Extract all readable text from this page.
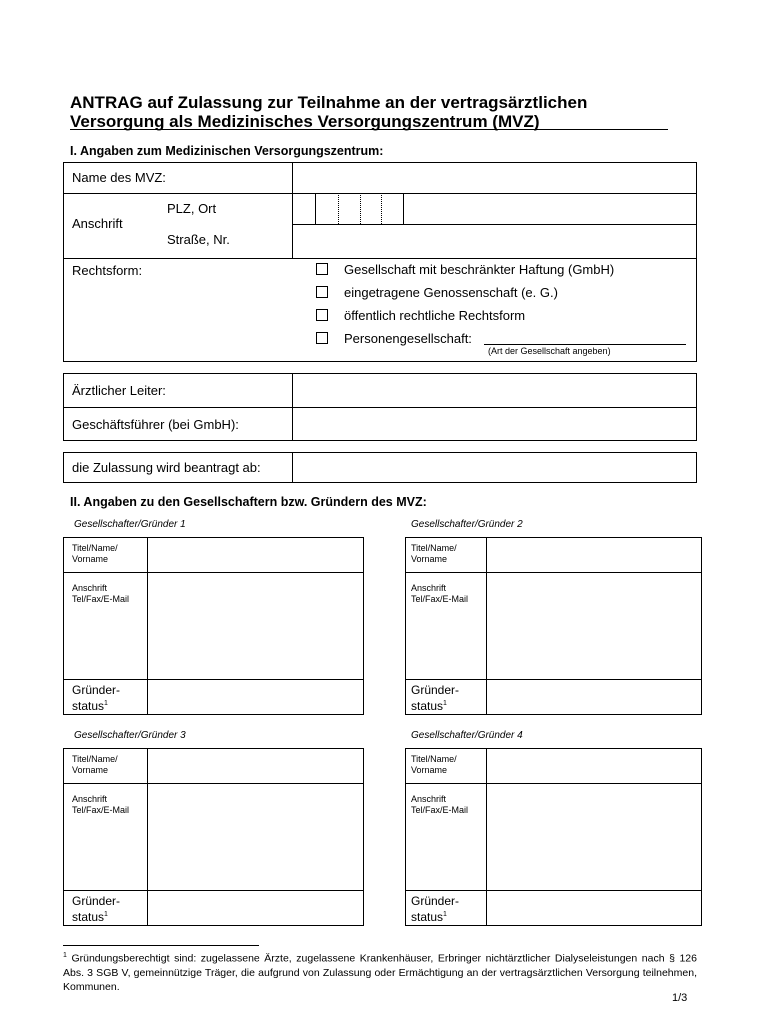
ANTRAG auf Zulassung zur Teilnahme an der vertragsärztlichen
Versorgung als Medizinisches Versorgungszentrum (MVZ)
I. Angaben zum Medizinischen Versorgungszentrum:
Name des MVZ:
Anschrift
PLZ, Ort
Straße, Nr.
Rechtsform:	Gesellschaft mit beschränkter Haftung (GmbH)
eingetragene Genossenschaft (e. G.)
öffentlich rechtliche Rechtsform
Personengesellschaft:
(Art der Gesellschaft angeben)
Ärztlicher Leiter:
Geschäftsführer (bei GmbH):
die Zulassung wird beantragt ab:
II. Angaben zu den Gesellschaftern bzw. Gründern des MVZ:
Gesellschafter/Gründer 1
Titel/Name/
Vorname
Anschrift
Tel/Fax/E-Mail
Gründer-
status$^1$
Gesellschafter/Gründer 2
Titel/Name/
Vorname
Anschrift
Tel/Fax/E-Mail
Gründer-
status$^1$
Gesellschafter/Gründer 3
Titel/Name/
Vorname
Anschrift
Tel/Fax/E-Mail
Gründer-
status$^1$
Gesellschafter/Gründer 4
Titel/Name/
Vorname
Anschrift
Tel/Fax/E-Mail
Gründer-
status$^1$
$^1$ Gründungsberechtigt sind: zugelassene Ärzte, zugelassene Krankenhäuser, Erbringer nichtärztlicher Dialyseleistungen nach § 126 Abs. 3 SGB V, gemeinnützige Träger, die aufgrund von Zulassung oder Ermächtigung an der vertragsärztlichen Versorgung teilnehmen, Kommunen.
1/3
